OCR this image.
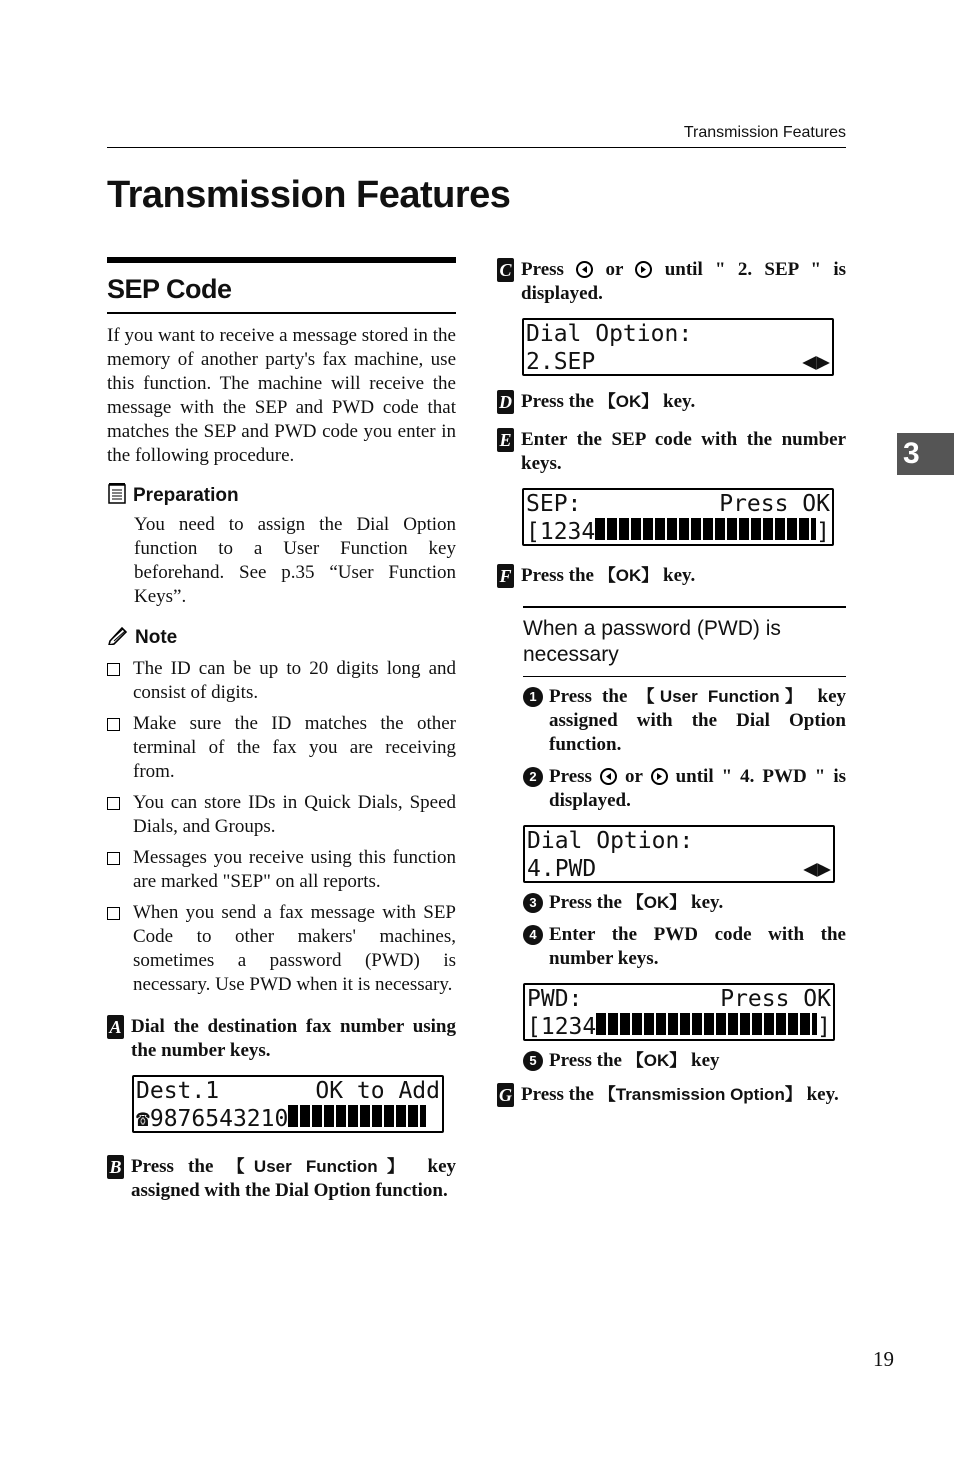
Transmission Features
Transmission Features
3
19
SEP Code
If you want to receive a message stored in the memory of another party's fax machine, use this function. The machine will receive the message with the SEP and PWD code that matches the SEP and PWD code you enter in the following procedure.
Preparation
You need to assign the Dial Option function to a User Function key beforehand. See p.35 “User Function Keys”.
Note
The ID can be up to 20 digits long and consist of digits.
Make sure the ID matches the other terminal of the fax you are receiving from.
You can store IDs in Quick Dials, Speed Dials, and Groups.
Messages you receive using this function are marked "SEP" on all reports.
When you send a fax message with SEP Code to other makers' machines, sometimes a password (PWD) is necessary. Use PWD when it is necessary.
A Dial the destination fax number using the number keys.
Dest.1	OK to Add
☎ 9876543210
B Press the 【User Function】 key assigned with the Dial Option function.
C Press or until " 2. SEP " is displayed.
Dial Option:
2.SEP	◀▶
D Press the 【OK】 key.
E Enter the SEP code with the number keys.
SEP:	Press OK
[1234	]
F Press the 【OK】 key.
When a password (PWD) is necessary
1 Press the 【User Function】 key assigned with the Dial Option function.
2 Press or until " 4. PWD " is displayed.
Dial Option:
4.PWD	◀▶
3 Press the 【OK】 key.
4 Enter the PWD code with the number keys.
PWD:	Press OK
[1234	]
5 Press the 【OK】 key
G Press the 【Transmission Option】 key.
